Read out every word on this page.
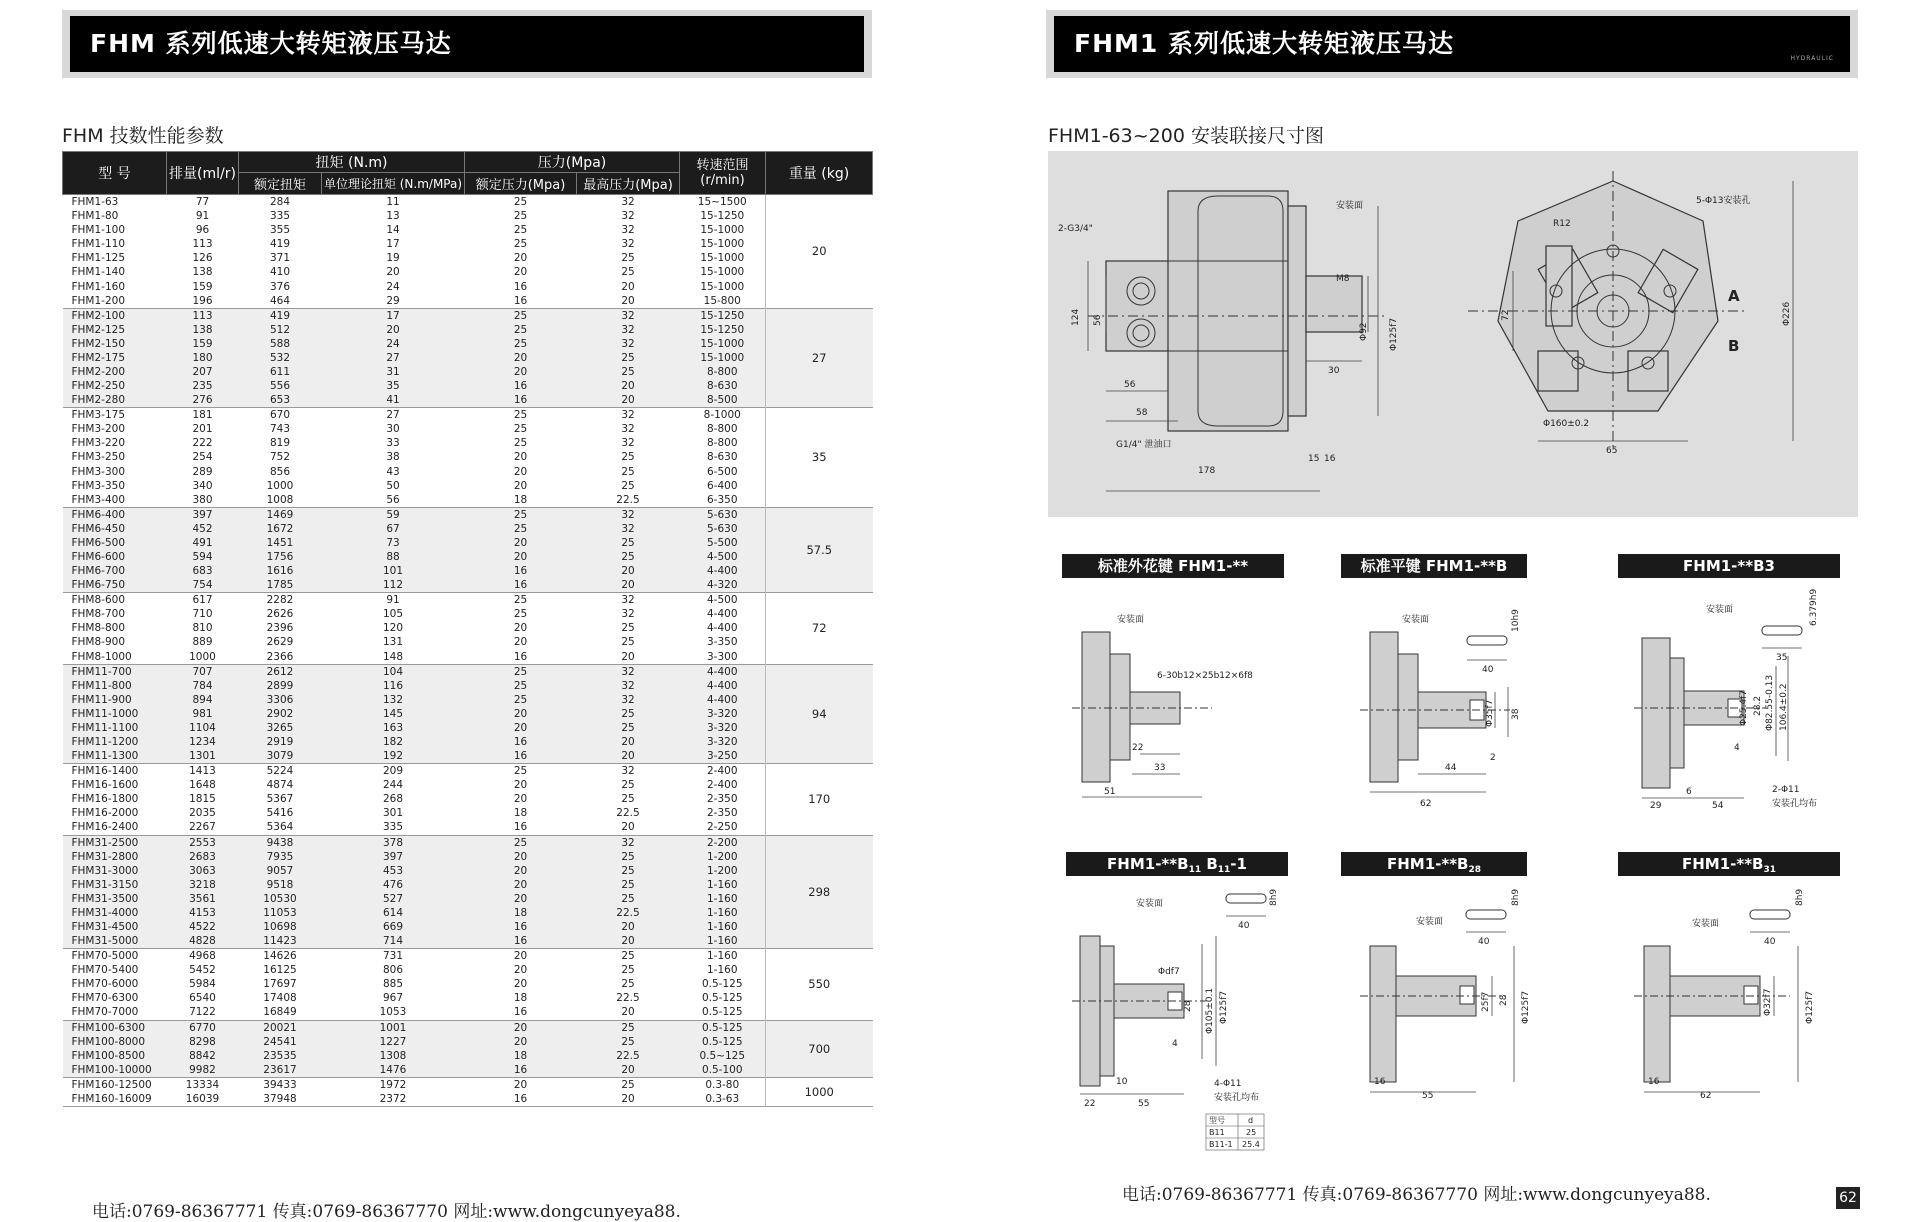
FHM 系列低速大转矩液压马达
FHM 技数性能参数
型 号	排量(ml/r)	扭矩 (N.m)		压力(Mpa)		转速范围 (r/min)	重量 (kg)
		额定扭矩	单位理论扭矩 (N.m/MPa)	额定压力(Mpa)	最高压力(Mpa)		
FHM1-63	77	284	11	25	32	15~1500	20
FHM1-80	91	335	13	25	32	15-1250	
FHM1-100	96	355	14	25	32	15-1000	
FHM1-110	113	419	17	25	32	15-1000	
FHM1-125	126	371	19	20	25	15-1000	
FHM1-140	138	410	20	20	25	15-1000	
FHM1-160	159	376	24	16	20	15-1000	
FHM1-200	196	464	29	16	20	15-800	
FHM2-100	113	419	17	25	32	15-1250	27
FHM2-125	138	512	20	25	32	15-1250	
FHM2-150	159	588	24	25	32	15-1000	
FHM2-175	180	532	27	20	25	15-1000	
FHM2-200	207	611	31	20	25	8-800	
FHM2-250	235	556	35	16	20	8-630	
FHM2-280	276	653	41	16	20	8-500	
FHM3-175	181	670	27	25	32	8-1000	35
FHM3-200	201	743	30	25	32	8-800	
FHM3-220	222	819	33	25	32	8-800	
FHM3-250	254	752	38	20	25	8-630	
FHM3-300	289	856	43	20	25	6-500	
FHM3-350	340	1000	50	20	25	6-400	
FHM3-400	380	1008	56	18	22.5	6-350	
FHM6-400	397	1469	59	25	32	5-630	57.5
FHM6-450	452	1672	67	25	32	5-630	
FHM6-500	491	1451	73	20	25	5-500	
FHM6-600	594	1756	88	20	25	4-500	
FHM6-700	683	1616	101	16	20	4-400	
FHM6-750	754	1785	112	16	20	4-320	
FHM8-600	617	2282	91	25	32	4-500	72
FHM8-700	710	2626	105	25	32	4-400	
FHM8-800	810	2396	120	20	25	4-400	
FHM8-900	889	2629	131	20	25	3-350	
FHM8-1000	1000	2366	148	16	20	3-300	
FHM11-700	707	2612	104	25	32	4-400	94
FHM11-800	784	2899	116	25	32	4-400	
FHM11-900	894	3306	132	25	32	4-400	
FHM11-1000	981	2902	145	20	25	3-320	
FHM11-1100	1104	3265	163	20	25	3-320	
FHM11-1200	1234	2919	182	16	20	3-320	
FHM11-1300	1301	3079	192	16	20	3-250	
FHM16-1400	1413	5224	209	25	32	2-400	170
FHM16-1600	1648	4874	244	20	25	2-400	
FHM16-1800	1815	5367	268	20	25	2-350	
FHM16-2000	2035	5416	301	18	22.5	2-350	
FHM16-2400	2267	5364	335	16	20	2-250	
FHM31-2500	2553	9438	378	25	32	2-200	298
FHM31-2800	2683	7935	397	20	25	1-200	
FHM31-3000	3063	9057	453	20	25	1-200	
FHM31-3150	3218	9518	476	20	25	1-160	
FHM31-3500	3561	10530	527	20	25	1-160	
FHM31-4000	4153	11053	614	18	22.5	1-160	
FHM31-4500	4522	10698	669	16	20	1-160	
FHM31-5000	4828	11423	714	16	20	1-160	
FHM70-5000	4968	14626	731	20	25	1-160	550
FHM70-5400	5452	16125	806	20	25	1-160	
FHM70-6000	5984	17697	885	20	25	0.5-125	
FHM70-6300	6540	17408	967	18	22.5	0.5-125	
FHM70-7000	7122	16849	1053	16	20	0.5-125	
FHM100-6300	6770	20021	1001	20	25	0.5-125	700
FHM100-8000	8298	24541	1227	20	25	0.5-125	
FHM100-8500	8842	23535	1308	18	22.5	0.5~125	
FHM100-10000	9982	23617	1476	16	20	0.5-100	
FHM160-12500	13334	39433	1972	20	25	0.3-80	1000
FHM160-16009	16039	37948	2372	16	20	0.3-63	
电话:0769-86367771 传真:0769-86367770 网址:www.dongcunyeya88.
FHM1 系列低速大转矩液压马达
HYDRAULIC
FHM1-63~200 安装联接尺寸图
2-G3/4"
安装面
G1/4" 泄油口
178
58
56
124 56
15 16
M8
30
Φ92 Φ125f7
5-Φ13安装孔
R12
72
Φ160±0.2
65
Φ226
A
B
标准外花键 FHM1-**	标准平键 FHM1-**B	FHM1-**B3
$FHM1-**B_{11}$ $B_{11}-1$	$FHM1-**B_{28}$	$FHM1-**B_{31}$
安装面
6-30b12×25b12×6f8
22
33
51
安装面	10h9
40
Φ35f7 38
2
44
62
安装面	6.379h9
35
Φ25.4f7 28.2 Φ82.55-0.13 106.4±0.2
4
6
29	54
2-Φ11
安装孔均布
安装面	8h9
40
Φdf7
28 Φ105±0.1 Φ125f7
4
10
22	55
4-Φ11
安装孔均布
型号	d
B11	25
B11-1 25.4
安装面
8h9
40
25f7 28 Φ125f7
16
55
安装面
8h9
40
Φ32f7	Φ125f7
16
62
电话:0769-86367771 传真:0769-86367770 网址:www.dongcunyeya88.	62
